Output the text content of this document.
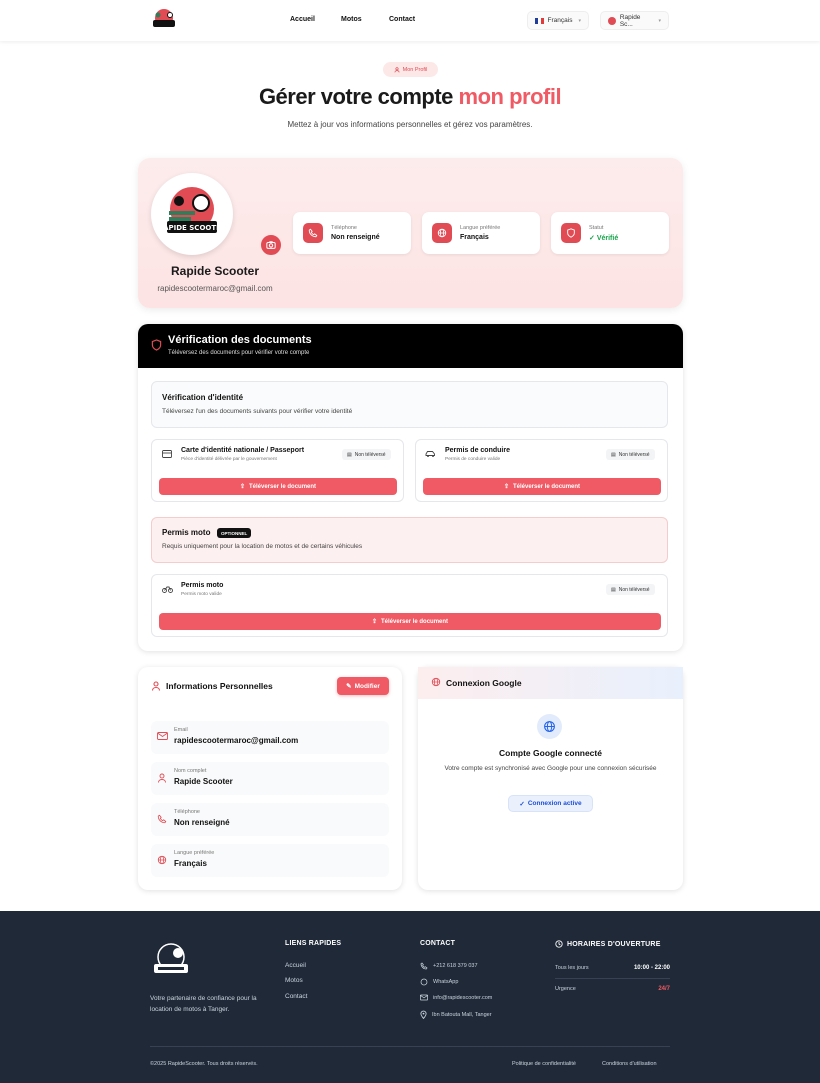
Accueil	Motos	Contact	Français ▾	Rapide Sc...	▾
Mon Profil
Gérer votre compte mon profil
Mettez à jour vos informations personnelles et gérez vos paramètres.
RAPIDE SCOOTER
Rapide Scooter
rapidescootermaroc@gmail.com
Téléphone
Non renseigné
Langue préférée
Français
Statut
✓ Vérifié
Vérification des documents
Téléversez des documents pour vérifier votre compte
Vérification d'identité
Téléversez l'un des documents suivants pour vérifier votre identité
Carte d'identité nationale / Passeport
Pièce d'identité délivrée par le gouvernement
▤ Non téléversé
⇪ Téléverser le document
Permis de conduire
Permis de conduire valide
▤ Non téléversé
⇪ Téléverser le document
Permis moto	OPTIONNEL
Requis uniquement pour la location de motos et de certains véhicules
Permis moto
Permis moto valide
▤ Non téléversé
⇪ Téléverser le document
Informations Personnelles	✎ Modifier
Email
rapidescootermaroc@gmail.com
Nom complet
Rapide Scooter
Téléphone
Non renseigné
Langue préférée
Français
Connexion Google
Compte Google connecté
Votre compte est synchronisé avec Google pour une connexion sécurisée
✓ Connexion active
Votre partenaire de confiance pour la location de motos à Tanger.
LIENS RAPIDES
Accueil
Motos
Contact
CONTACT
+212 618 379 037
WhatsApp
info@rapidescooter.com
Ibn Batouta Mall, Tanger
HORAIRES D'OUVERTURE
Tous les jours	10:00 - 22:00
Urgence	24/7
©2025 RapideScooter. Tous droits réservés.	Politique de confidentialité	Conditions d'utilisation
